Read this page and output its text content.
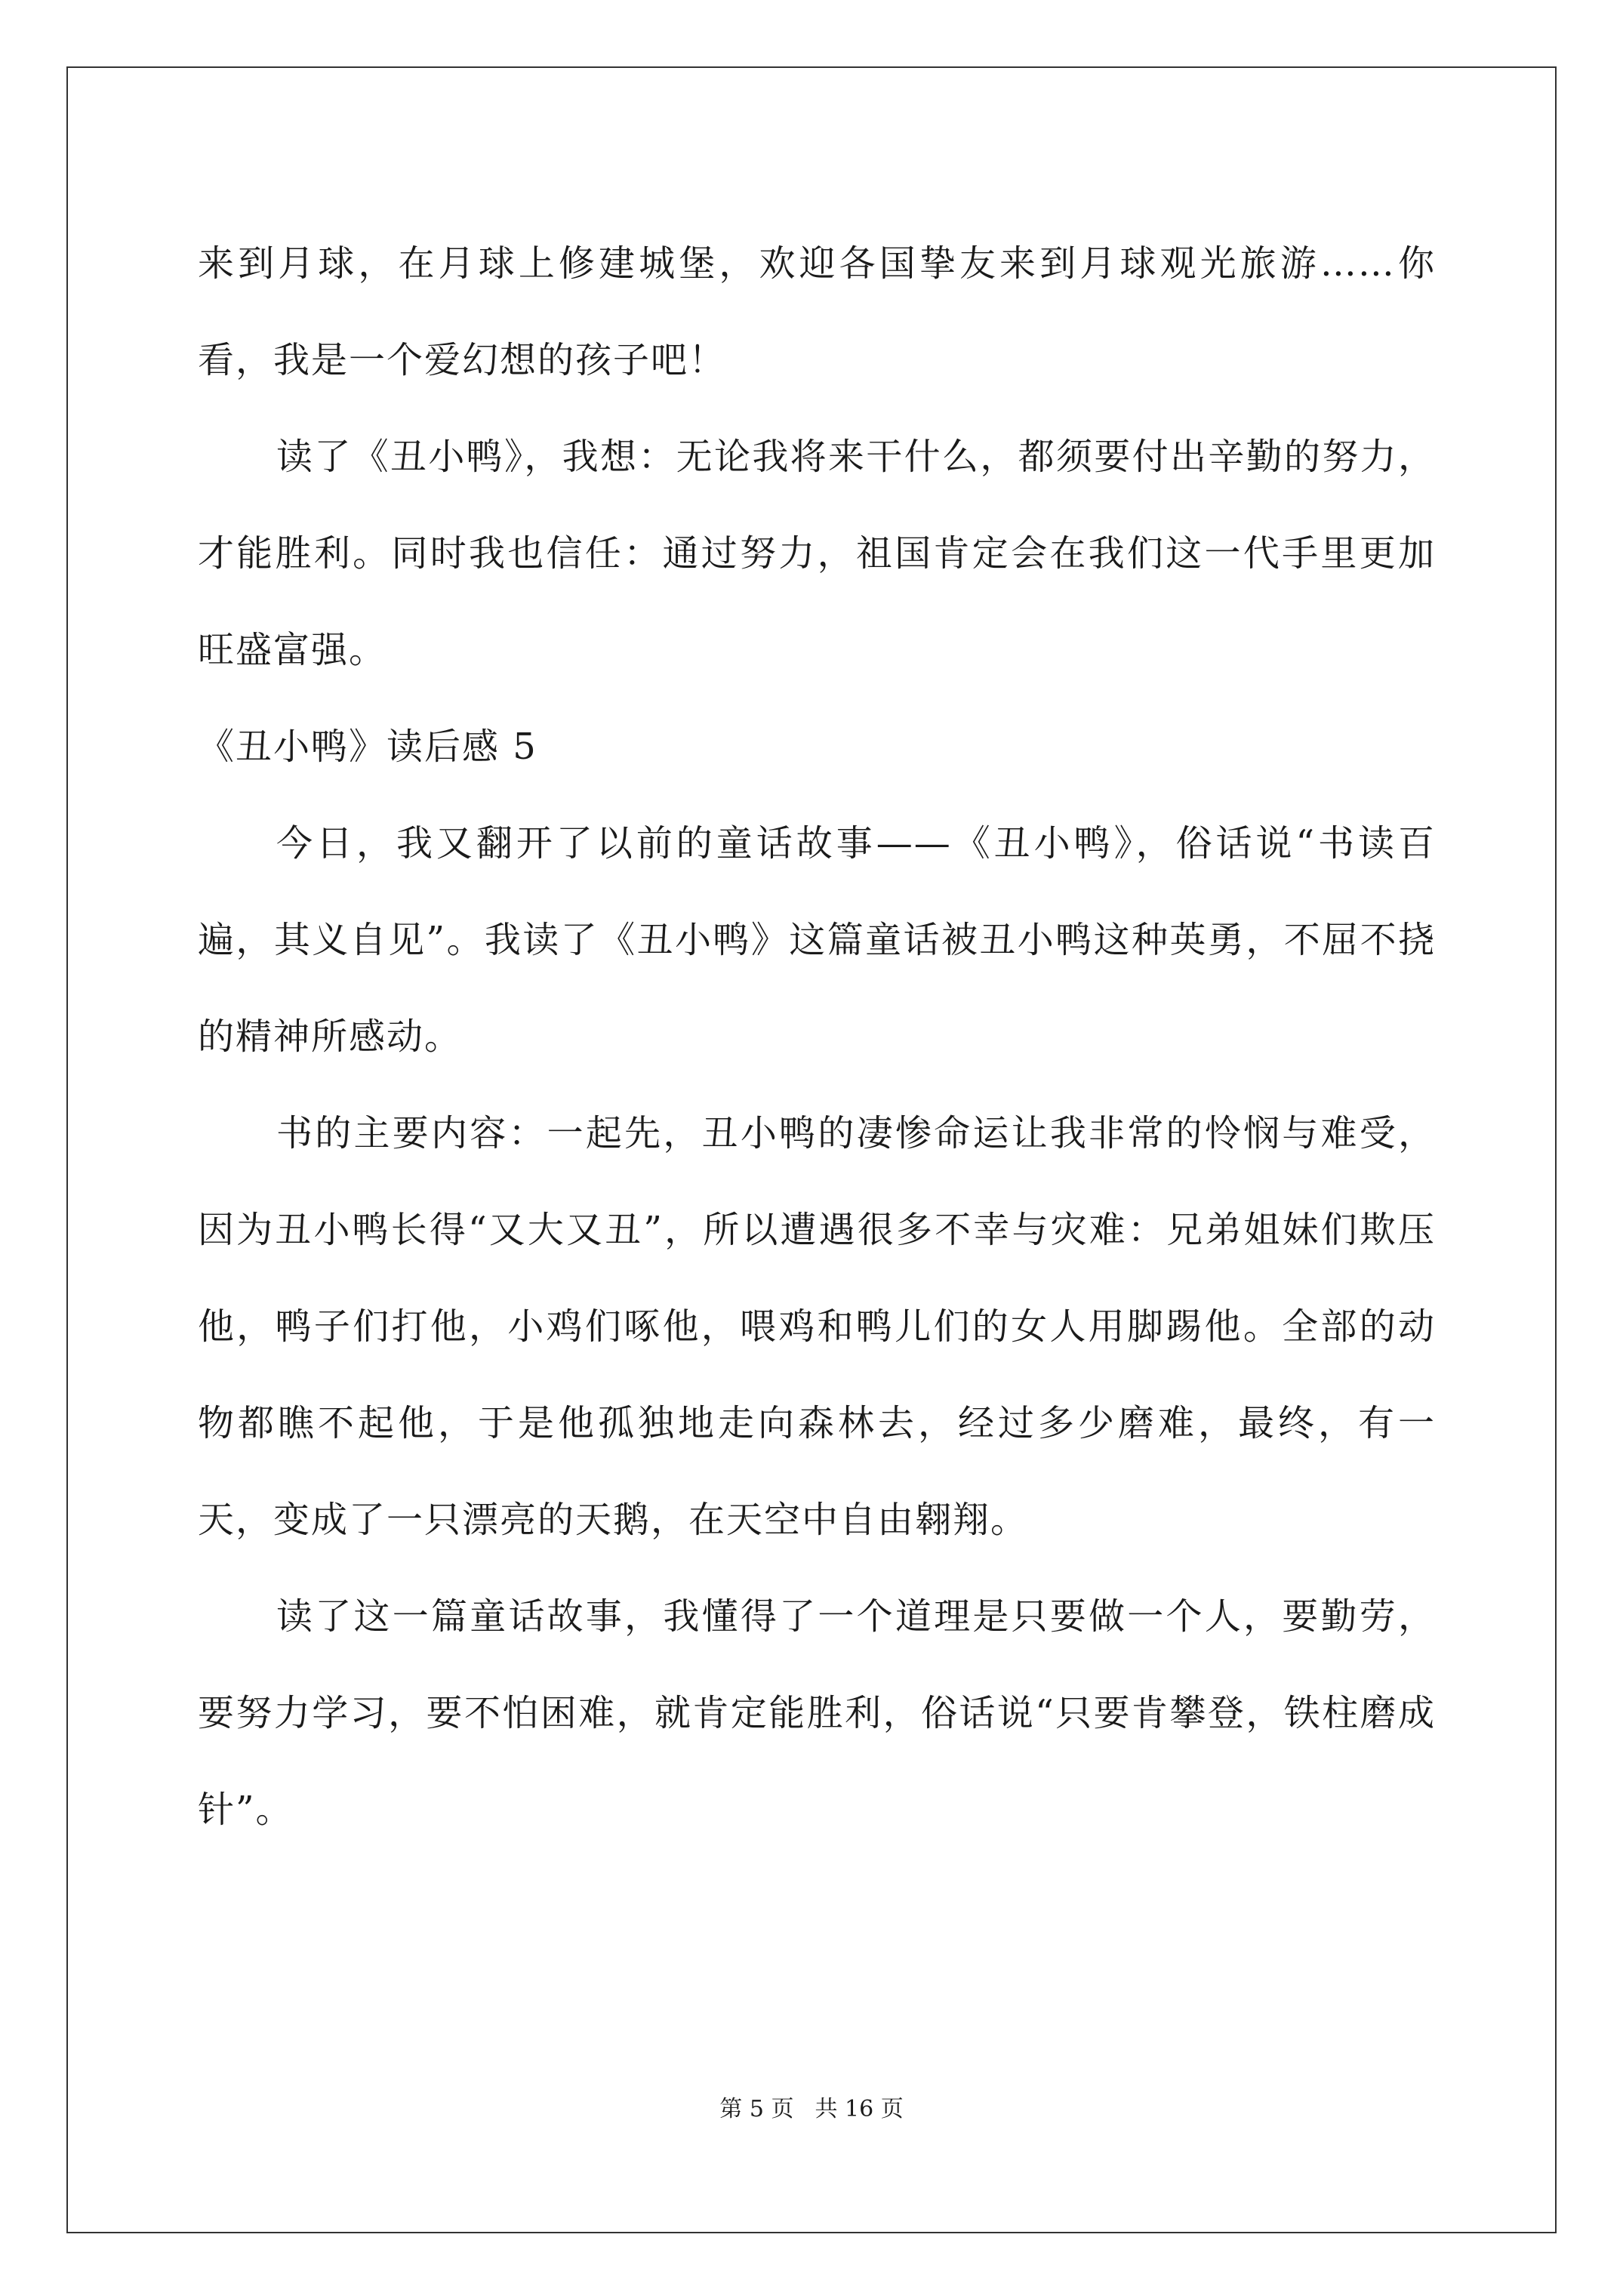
来到月球，在月球上修建城堡，欢迎各国挚友来到月球观光旅游……你看，我是一个爱幻想的孩子吧！

读了《丑小鸭》，我想：无论我将来干什么，都须要付出辛勤的努力，才能胜利。同时我也信任：通过努力，祖国肯定会在我们这一代手里更加旺盛富强。

《丑小鸭》读后感 5

今日，我又翻开了以前的童话故事——《丑小鸭》，俗话说“书读百遍，其义自见”。我读了《丑小鸭》这篇童话被丑小鸭这种英勇，不屈不挠的精神所感动。

书的主要内容：一起先，丑小鸭的凄惨命运让我非常的怜悯与难受，因为丑小鸭长得“又大又丑”，所以遭遇很多不幸与灾难：兄弟姐妹们欺压他，鸭子们打他，小鸡们啄他，喂鸡和鸭儿们的女人用脚踢他。全部的动物都瞧不起他，于是他孤独地走向森林去，经过多少磨难，最终，有一天，变成了一只漂亮的天鹅，在天空中自由翱翔。

读了这一篇童话故事，我懂得了一个道理是只要做一个人，要勤劳，要努力学习，要不怕困难，就肯定能胜利，俗话说“只要肯攀登，铁柱磨成针”。

第 5 页 共 16 页
